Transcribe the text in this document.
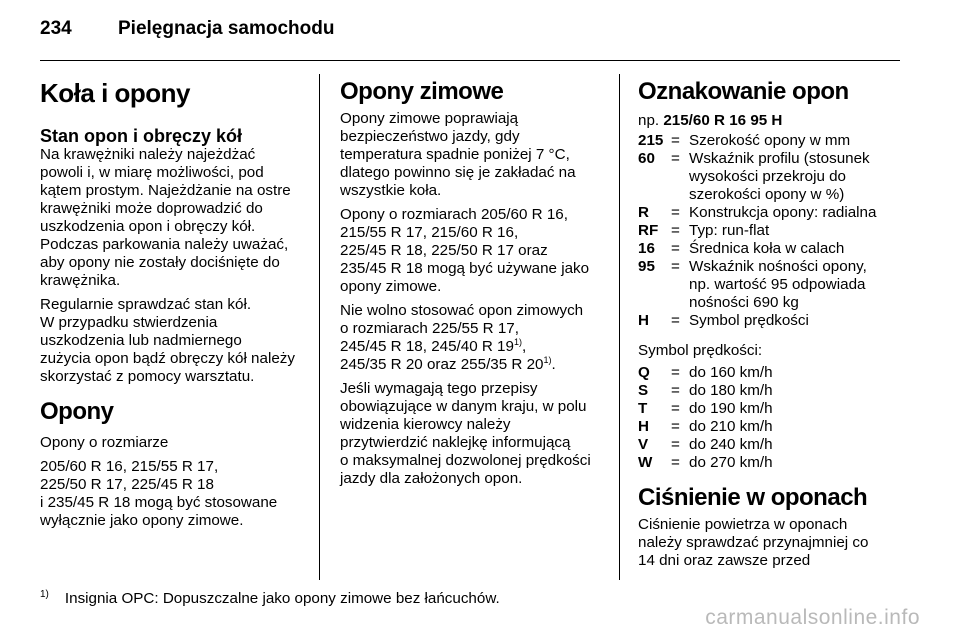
234 Pielęgnacja samochodu
Koła i opony
Stan opon i obręczy kół

Na krawężniki należy najeżdżać
powoli i, w miarę możliwości, pod
kątem prostym. Najeżdżanie na ostre
krawężniki może doprowadzić do
uszkodzenia opon i obręczy kół.
Podczas parkowania należy uważać,
aby opony nie zostały dociśnięte do
krawężnika.

Regularnie sprawdzać stan kół.
W przypadku stwierdzenia
uszkodzenia lub nadmiernego
zużycia opon bądź obręczy kół należy
skorzystać z pomocy warsztatu.

Opony

Opony o rozmiarze

205/60 R 16, 215/55 R 17,
225/50 R 17, 225/45 R 18
i 235/45 R 18 mogą być stosowane
wyłącznie jako opony zimowe.

Opony zimowe

Opony zimowe poprawiają
bezpieczeństwo jazdy, gdy
temperatura spadnie poniżej 7 °C,
dlatego powinno się je zakładać na
wszystkie koła.

Opony o rozmiarach 205/60 R 16,
215/55 R 17, 215/60 R 16,
225/45 R 18, 225/50 R 17 oraz
235/45 R 18 mogą być używane jako
opony zimowe.

Nie wolno stosować opon zimowych
o rozmiarach 225/55 R 17,
245/45 R 18, 245/40 R 19$^{1)}$,
245/35 R 20 oraz 255/35 R 20$^{1)}$.

Jeśli wymagają tego przepisy
obowiązujące w danym kraju, w polu
widzenia kierowcy należy
przytwierdzić naklejkę informującą
o maksymalnej dozwolonej prędkości
jazdy dla założonych opon.

Oznakowanie opon

np. 215/60 R 16 95 H

215 = Szerokość opony w mm
60	= Wskaźnik profilu (stosunek
wysokości przekroju do
szerokości opony w %)
R	= Konstrukcja opony: radialna
RF = Typ: run-flat
16	= Średnica koła w calach
95	= Wskaźnik nośności opony,
np. wartość 95 odpowiada
nośności 690 kg
H	= Symbol prędkości

Symbol prędkości:

Q	= do 160 km/h
S	= do 180 km/h
T	= do 190 km/h
H	= do 210 km/h
V	= do 240 km/h
W	= do 270 km/h
Ciśnienie w oponach

Ciśnienie powietrza w oponach
należy sprawdzać przynajmniej co
14 dni oraz zawsze przed

$^{1)}$ Insignia OPC: Dopuszczalne jako opony zimowe bez łańcuchów.
carmanualsonline.info
